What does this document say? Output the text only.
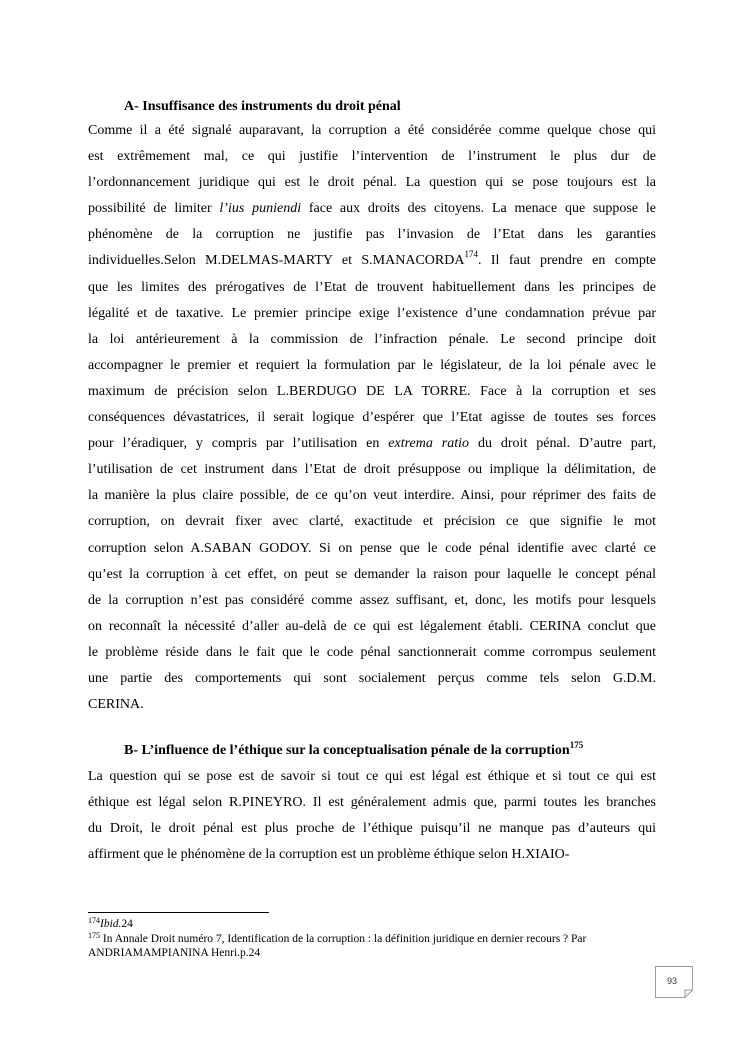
A- Insuffisance des instruments du droit pénal
Comme il a été signalé auparavant, la corruption a été considérée comme quelque chose qui
est extrêmement mal, ce qui justifie l’intervention de l’instrument le plus dur de
l’ordonnancement juridique qui est le droit pénal. La question qui se pose toujours est la
possibilité de limiter l’ius puniendi face aux droits des citoyens. La menace que suppose le
phénomène de la corruption ne justifie pas l’invasion de l’Etat dans les garanties
individuelles.Selon M.DELMAS-MARTY et S.MANACORDA$^{174}$. Il faut prendre en compte
que les limites des prérogatives de l’Etat de trouvent habituellement dans les principes de
légalité et de taxative. Le premier principe exige l’existence d’une condamnation prévue par
la loi antérieurement à la commission de l’infraction pénale. Le second principe doit
accompagner le premier et requiert la formulation par le législateur, de la loi pénale avec le
maximum de précision selon L.BERDUGO DE LA TORRE. Face à la corruption et ses
conséquences dévastatrices, il serait logique d’espérer que l’Etat agisse de toutes ses forces
pour l’éradiquer, y compris par l’utilisation en extrema ratio du droit pénal. D’autre part,
l’utilisation de cet instrument dans l’Etat de droit présuppose ou implique la délimitation, de
la manière la plus claire possible, de ce qu’on veut interdire. Ainsi, pour réprimer des faits de
corruption, on devrait fixer avec clarté, exactitude et précision ce que signifie le mot
corruption selon A.SABAN GODOY. Si on pense que le code pénal identifie avec clarté ce
qu’est la corruption à cet effet, on peut se demander la raison pour laquelle le concept pénal
de la corruption n’est pas considéré comme assez suffisant, et, donc, les motifs pour lesquels
on reconnaît la nécessité d’aller au-delà de ce qui est légalement établi. CERINA conclut que
le problème réside dans le fait que le code pénal sanctionnerait comme corrompus seulement
une partie des comportements qui sont socialement perçus comme tels selon G.D.M.
CERINA.
B- L’influence de l’éthique sur la conceptualisation pénale de la corruption$^{175}$
La question qui se pose est de savoir si tout ce qui est légal est éthique et si tout ce qui est
éthique est légal selon R.PINEYRO. Il est généralement admis que, parmi toutes les branches
du Droit, le droit pénal est plus proche de l’éthique puisqu’il ne manque pas d’auteurs qui
affirment que le phénomène de la corruption est un problème éthique selon H.XIAIO-
$^{174}$Ibid.24
$^{175}$ In Annale Droit numéro 7, Identification de la corruption : la définition juridique en dernier recours ? Par
ANDRIAMAMPIANINA Henri.p.24
93
